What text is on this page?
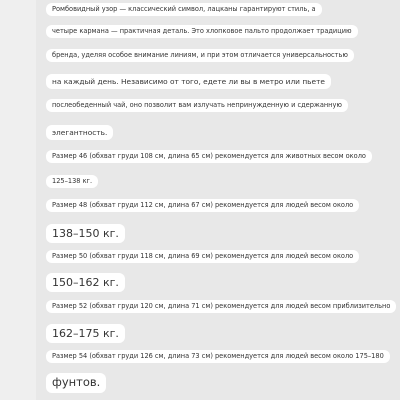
Ромбовидный узор — классический символ, лацканы гарантируют стиль, а
четыре кармана — практичная деталь. Это хлопковое пальто продолжает традицию
бренда, уделяя особое внимание линиям, и при этом отличается универсальностью
на каждый день. Независимо от того, едете ли вы в метро или пьете
послеобеденный чай, оно позволит вам излучать непринужденную и сдержанную
элегантность.
Размер 46 (обхват груди 108 см, длина 65 см) рекомендуется для животных весом около
125–138 кг.
Размер 48 (обхват груди 112 см, длина 67 см) рекомендуется для людей весом около
138–150 кг.
Размер 50 (обхват груди 118 см, длина 69 см) рекомендуется для людей весом около
150–162 кг.
Размер 52 (обхват груди 120 см, длина 71 см) рекомендуется для людей весом приблизительно
162–175 кг.
Размер 54 (обхват груди 126 см, длина 73 см) рекомендуется для людей весом около 175–180
фунтов.
